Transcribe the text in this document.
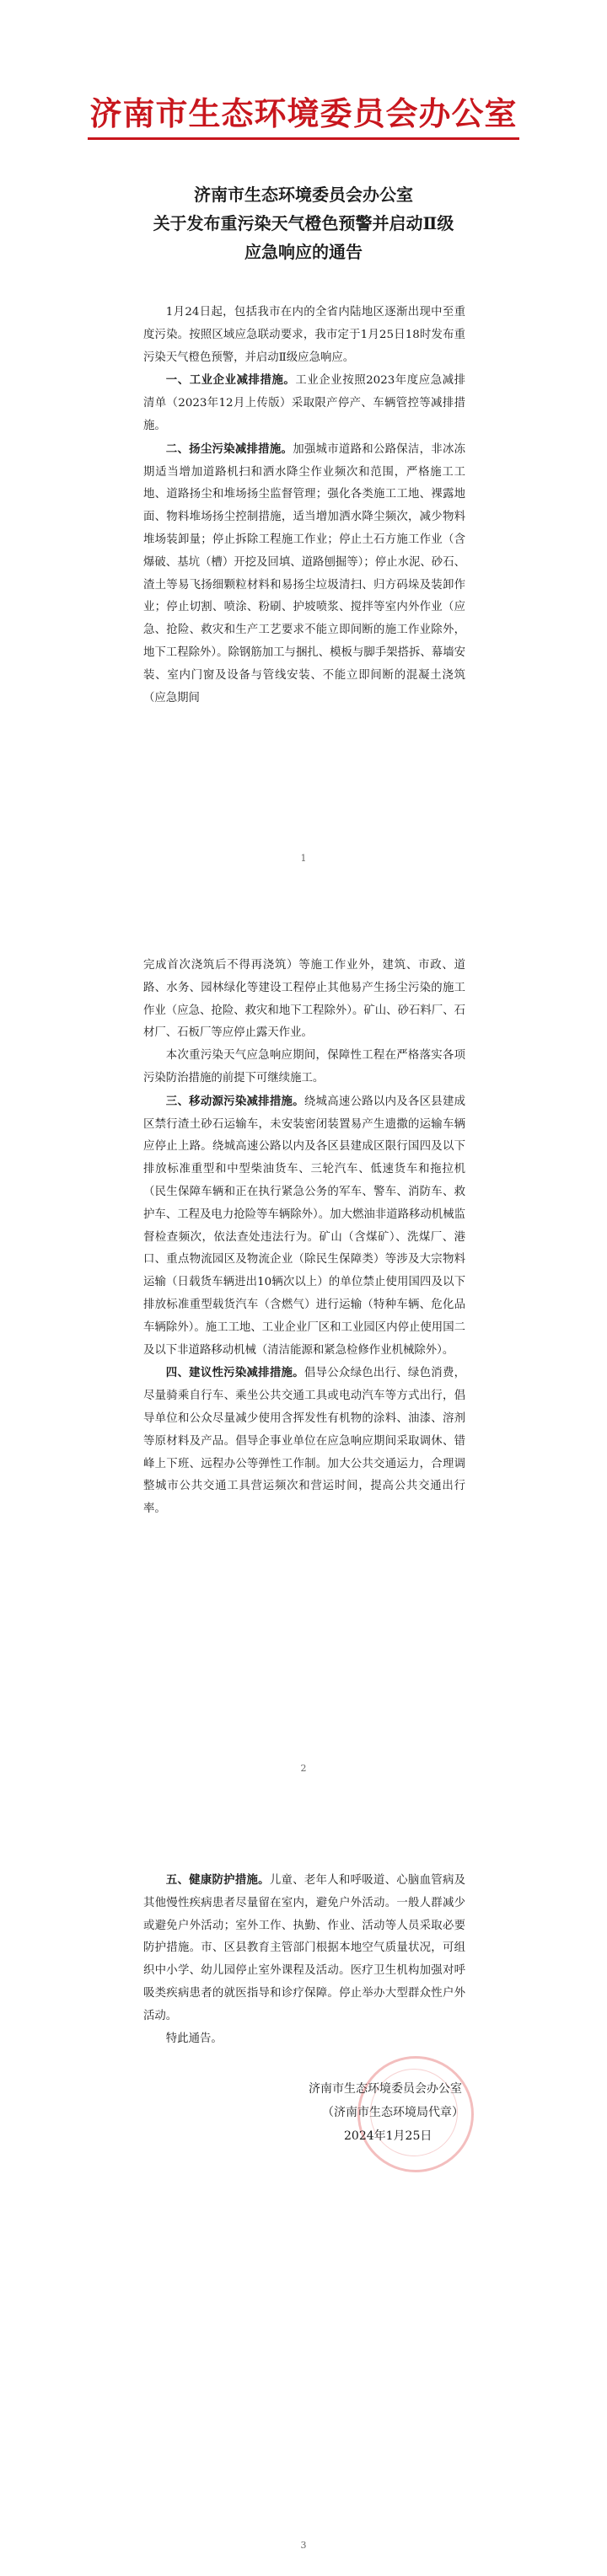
济南市生态环境委员会办公室
济南市生态环境委员会办公室
关于发布重污染天气橙色预警并启动Ⅱ级
应急响应的通告

1月24日起，包括我市在内的全省内陆地区逐渐出现中至重度污染。按照区域应急联动要求，我市定于1月25日18时发布重污染天气橙色预警，并启动Ⅱ级应急响应。

一、工业企业减排措施。工业企业按照2023年度应急减排清单（2023年12月上传版）采取限产停产、车辆管控等减排措施。

二、扬尘污染减排措施。加强城市道路和公路保洁，非冰冻期适当增加道路机扫和洒水降尘作业频次和范围，严格施工工地、道路扬尘和堆场扬尘监督管理；强化各类施工工地、裸露地面、物料堆场扬尘控制措施，适当增加洒水降尘频次，减少物料堆场装卸量；停止拆除工程施工作业；停止土石方施工作业（含爆破、基坑（槽）开挖及回填、道路刨掘等）；停止水泥、砂石、渣土等易飞扬细颗粒材料和易扬尘垃圾清扫、归方码垛及装卸作业；停止切割、喷涂、粉刷、护坡喷浆、搅拌等室内外作业（应急、抢险、救灾和生产工艺要求不能立即间断的施工作业除外，地下工程除外）。除钢筋加工与捆扎、模板与脚手架搭拆、幕墙安装、室内门窗及设备与管线安装、不能立即间断的混凝土浇筑（应急期间

1
2

完成首次浇筑后不得再浇筑）等施工作业外，建筑、市政、道路、水务、园林绿化等建设工程停止其他易产生扬尘污染的施工作业（应急、抢险、救灾和地下工程除外）。矿山、砂石料厂、石材厂、石板厂等应停止露天作业。

本次重污染天气应急响应期间，保障性工程在严格落实各项污染防治措施的前提下可继续施工。

三、移动源污染减排措施。绕城高速公路以内及各区县建成区禁行渣土砂石运输车，未安装密闭装置易产生遗撒的运输车辆应停止上路。绕城高速公路以内及各区县建成区限行国四及以下排放标准重型和中型柴油货车、三轮汽车、低速货车和拖拉机（民生保障车辆和正在执行紧急公务的军车、警车、消防车、救护车、工程及电力抢险等车辆除外）。加大燃油非道路移动机械监督检查频次，依法查处违法行为。矿山（含煤矿）、洗煤厂、港口、重点物流园区及物流企业（除民生保障类）等涉及大宗物料运输（日载货车辆进出10辆次以上）的单位禁止使用国四及以下排放标准重型载货汽车（含燃气）进行运输（特种车辆、危化品车辆除外）。施工工地、工业企业厂区和工业园区内停止使用国二及以下非道路移动机械（清洁能源和紧急检修作业机械除外）。

四、建议性污染减排措施。倡导公众绿色出行、绿色消费，尽量骑乘自行车、乘坐公共交通工具或电动汽车等方式出行，倡导单位和公众尽量减少使用含挥发性有机物的涂料、油漆、溶剂等原材料及产品。倡导企事业单位在应急响应期间采取调休、错峰上下班、远程办公等弹性工作制。加大公共交通运力，合理调整城市公共交通工具营运频次和营运时间，提高公共交通出行率。

3

五、健康防护措施。儿童、老年人和呼吸道、心脑血管病及其他慢性疾病患者尽量留在室内，避免户外活动。一般人群减少或避免户外活动；室外工作、执勤、作业、活动等人员采取必要防护措施。市、区县教育主管部门根据本地空气质量状况，可组织中小学、幼儿园停止室外课程及活动。医疗卫生机构加强对呼吸类疾病患者的就医指导和诊疗保障。停止举办大型群众性户外活动。

特此通告。

济南市生态环境委员会办公室
（济南市生态环境局代章）
2024年1月25日
